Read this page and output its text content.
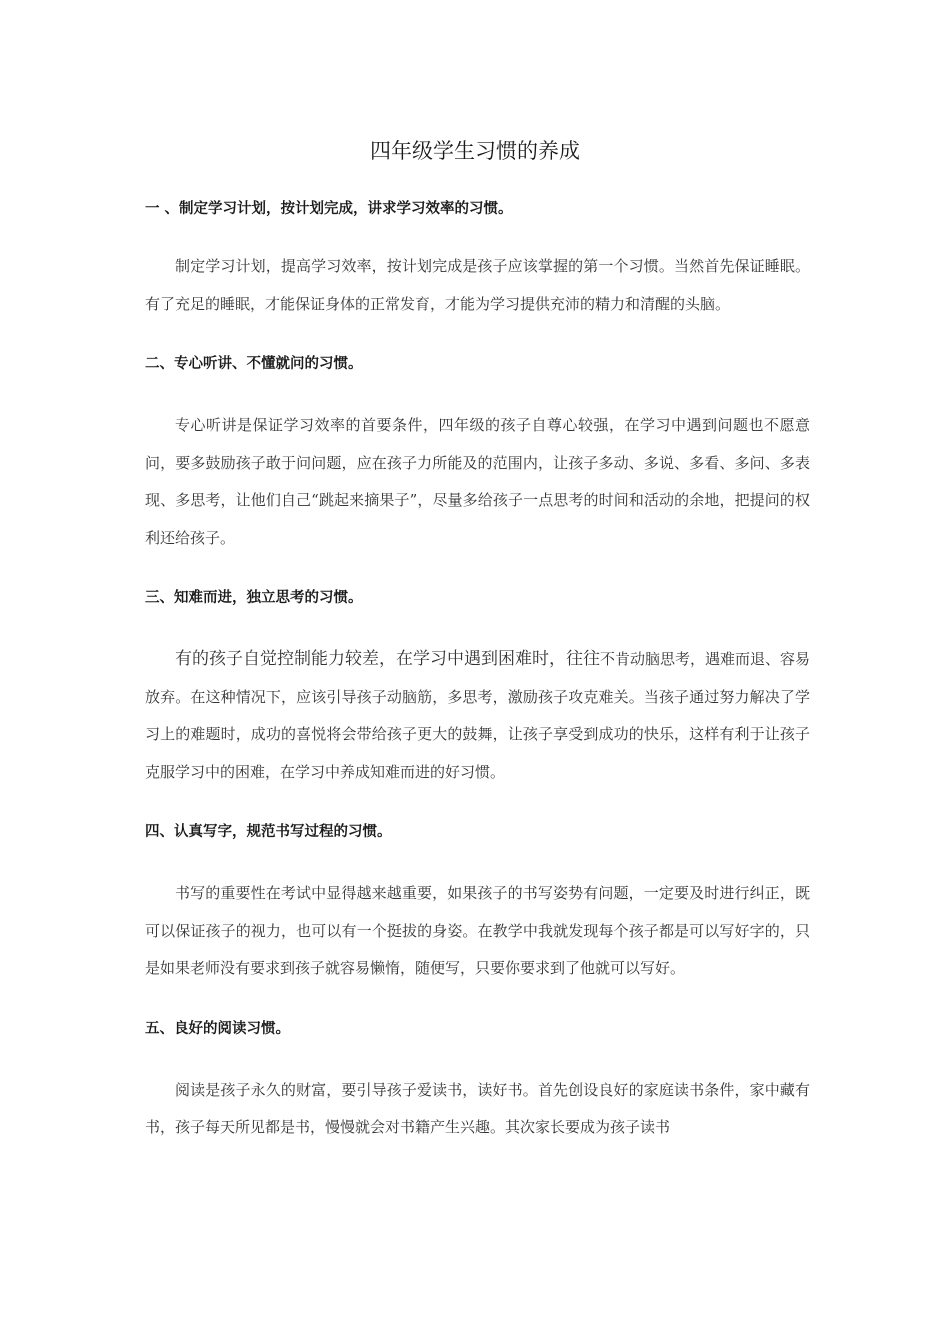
四年级学生习惯的养成

一 、制定学习计划，按计划完成，讲求学习效率的习惯。

制定学习计划，提高学习效率，按计划完成是孩子应该掌握的第一个习惯。当然首先保证睡眠。有了充足的睡眠，才能保证身体的正常发育，才能为学习提供充沛的精力和清醒的头脑。

二、专心听讲、不懂就问的习惯。

专心听讲是保证学习效率的首要条件，四年级的孩子自尊心较强，在学习中遇到问题也不愿意问，要多鼓励孩子敢于问问题，应在孩子力所能及的范围内，让孩子多动、多说、多看、多问、多表现、多思考，让他们自己“跳起来摘果子”，尽量多给孩子一点思考的时间和活动的余地，把提问的权利还给孩子。

三、知难而进，独立思考的习惯。

有的孩子自觉控制能力较差，在学习中遇到困难时，往往不肯动脑思考，遇难而退、容易放弃。在这种情况下，应该引导孩子动脑筋，多思考，激励孩子攻克难关。当孩子通过努力解决了学习上的难题时，成功的喜悦将会带给孩子更大的鼓舞，让孩子享受到成功的快乐，这样有利于让孩子克服学习中的困难，在学习中养成知难而进的好习惯。

四、认真写字，规范书写过程的习惯。

书写的重要性在考试中显得越来越重要，如果孩子的书写姿势有问题，一定要及时进行纠正，既可以保证孩子的视力，也可以有一个挺拔的身姿。在教学中我就发现每个孩子都是可以写好字的，只是如果老师没有要求到孩子就容易懒惰，随便写，只要你要求到了他就可以写好。

五、良好的阅读习惯。

阅读是孩子永久的财富，要引导孩子爱读书，读好书。首先创设良好的家庭读书条件，家中藏有书，孩子每天所见都是书，慢慢就会对书籍产生兴趣。其次家长要成为孩子读书
